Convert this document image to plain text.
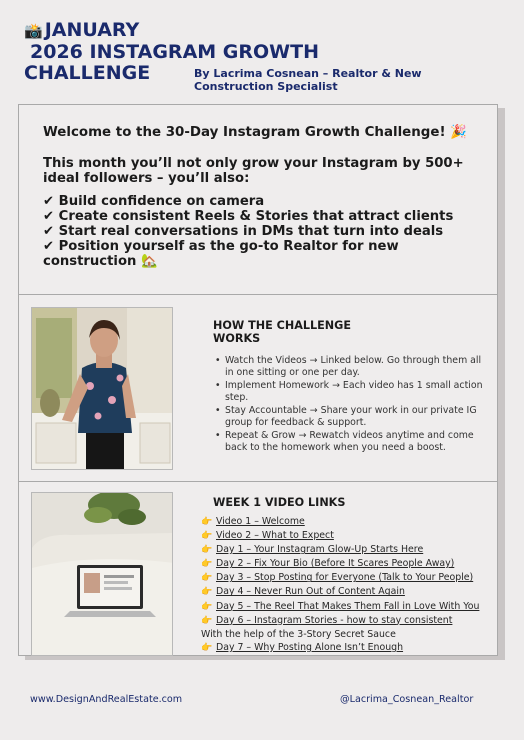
📸 JANUARY
2026 INSTAGRAM GROWTH
CHALLENGE	By Lacrima Cosnean – Realtor & New Construction Specialist
Welcome to the 30-Day Instagram Growth Challenge! 🎉
This month you’ll not only grow your Instagram by 500+ ideal followers – you’ll also:
✔ Build confidence on camera
✔ Create consistent Reels & Stories that attract clients
✔ Start real conversations in DMs that turn into deals
✔ Position yourself as the go-to Realtor for new construction 🏡
HOW THE CHALLENGE WORKS
• Watch the Videos → Linked below. Go through them all in one sitting or one per day.
• Implement Homework → Each video has 1 small action step.
• Stay Accountable → Share your work in our private IG group for feedback & support.
• Repeat & Grow → Rewatch videos anytime and come back to the homework when you need a boost.
WEEK 1 VIDEO LINKS
👉 Video 1 – Welcome
👉 Video 2 – What to Expect
👉 Day 1 – Your Instagram Glow-Up Starts Here
👉 Day 2 – Fix Your Bio (Before It Scares People Away)
👉 Day 3 – Stop Posting for Everyone (Talk to Your People)
👉 Day 4 – Never Run Out of Content Again
👉 Day 5 – The Reel That Makes Them Fall in Love With You
👉 Day 6 – Instagram Stories - how to stay consistent
With the help of the 3-Story Secret Sauce
👉 Day 7 – Why Posting Alone Isn’t Enough
www.DesignAndRealEstate.com	@Lacrima_Cosnean_Realtor
